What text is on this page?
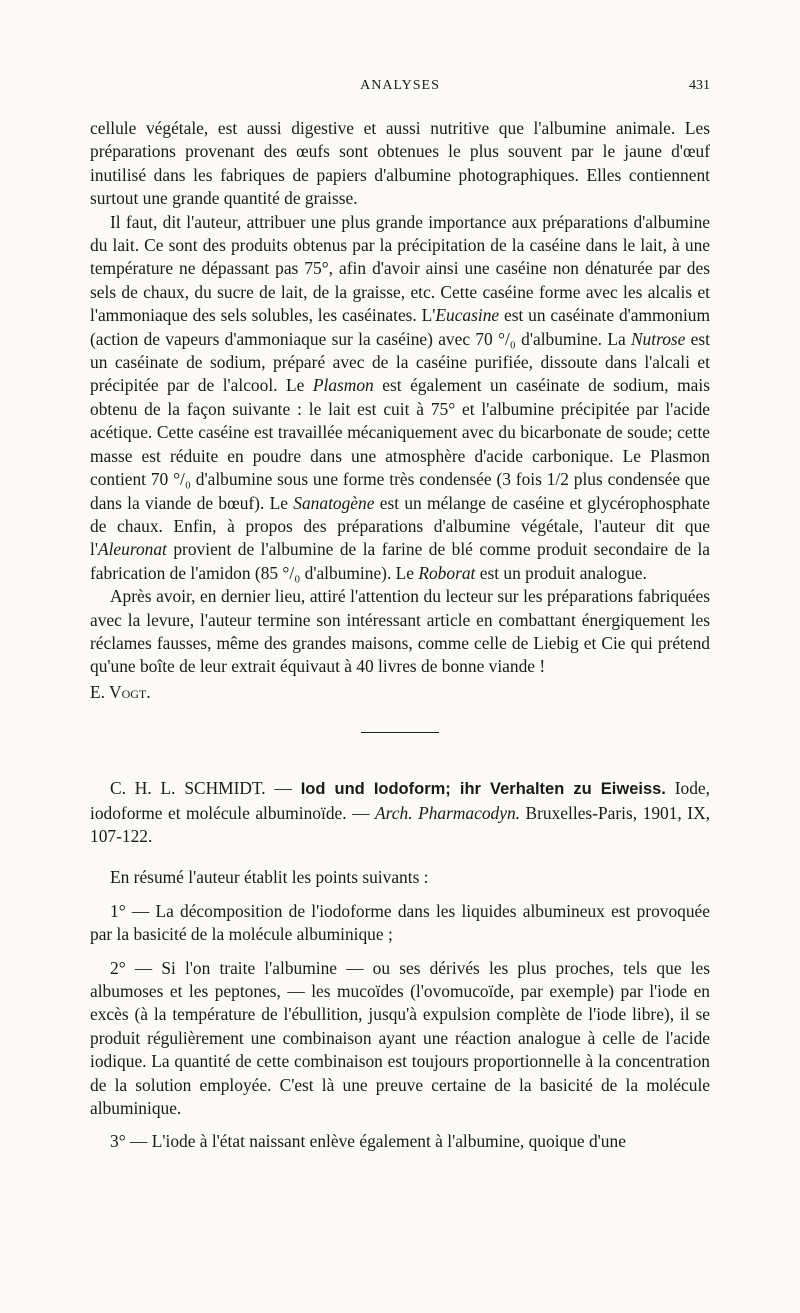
ANALYSES	431

cellule végétale, est aussi digestive et aussi nutritive que l'albumine animale. Les préparations provenant des œufs sont obtenues le plus souvent par le jaune d'œuf inutilisé dans les fabriques de papiers d'albumine photographiques. Elles contiennent surtout une grande quantité de graisse.

Il faut, dit l'auteur, attribuer une plus grande importance aux préparations d'albumine du lait. Ce sont des produits obtenus par la précipitation de la caséine dans le lait, à une température ne dépassant pas 75°, afin d'avoir ainsi une caséine non dénaturée par des sels de chaux, du sucre de lait, de la graisse, etc. Cette caséine forme avec les alcalis et l'ammoniaque des sels solubles, les caséinates. L'Eucasine est un caséinate d'ammonium (action de vapeurs d'ammoniaque sur la caséine) avec 70 °/₀ d'albumine. La Nutrose est un caséinate de sodium, préparé avec de la caséine purifiée, dissoute dans l'alcali et précipitée par de l'alcool. Le Plasmon est également un caséinate de sodium, mais obtenu de la façon suivante : le lait est cuit à 75° et l'albumine précipitée par l'acide acétique. Cette caséine est travaillée mécaniquement avec du bicarbonate de soude; cette masse est réduite en poudre dans une atmosphère d'acide carbonique. Le Plasmon contient 70 °/₀ d'albumine sous une forme très condensée (3 fois 1/2 plus condensée que dans la viande de bœuf). Le Sanatogène est un mélange de caséine et glycérophosphate de chaux. Enfin, à propos des préparations d'albumine végétale, l'auteur dit que l'Aleuronat provient de l'albumine de la farine de blé comme produit secondaire de la fabrication de l'amidon (85 °/₀ d'albumine). Le Roborat est un produit analogue.

Après avoir, en dernier lieu, attiré l'attention du lecteur sur les préparations fabriquées avec la levure, l'auteur termine son intéressant article en combattant énergiquement les réclames fausses, même des grandes maisons, comme celle de Liebig et Cie qui prétend qu'une boîte de leur extrait équivaut à 40 livres de bonne viande !

E. Vogt.

C. H. L. SCHMIDT. — Iod und Iodoform; ihr Verhalten zu Eiweiss. Iode, iodoforme et molécule albuminoïde. — Arch. Pharmacodyn. Bruxelles-Paris, 1901, IX, 107-122.

En résumé l'auteur établit les points suivants :

1° — La décomposition de l'iodoforme dans les liquides albumineux est provoquée par la basicité de la molécule albuminique ;

2° — Si l'on traite l'albumine — ou ses dérivés les plus proches, tels que les albumoses et les peptones, — les mucoïdes (l'ovomucoïde, par exemple) par l'iode en excès (à la température de l'ébullition, jusqu'à expulsion complète de l'iode libre), il se produit régulièrement une combinaison ayant une réaction analogue à celle de l'acide iodique. La quantité de cette combinaison est toujours proportionnelle à la concentration de la solution employée. C'est là une preuve certaine de la basicité de la molécule albuminique.

3° — L'iode à l'état naissant enlève également à l'albumine, quoique d'une
